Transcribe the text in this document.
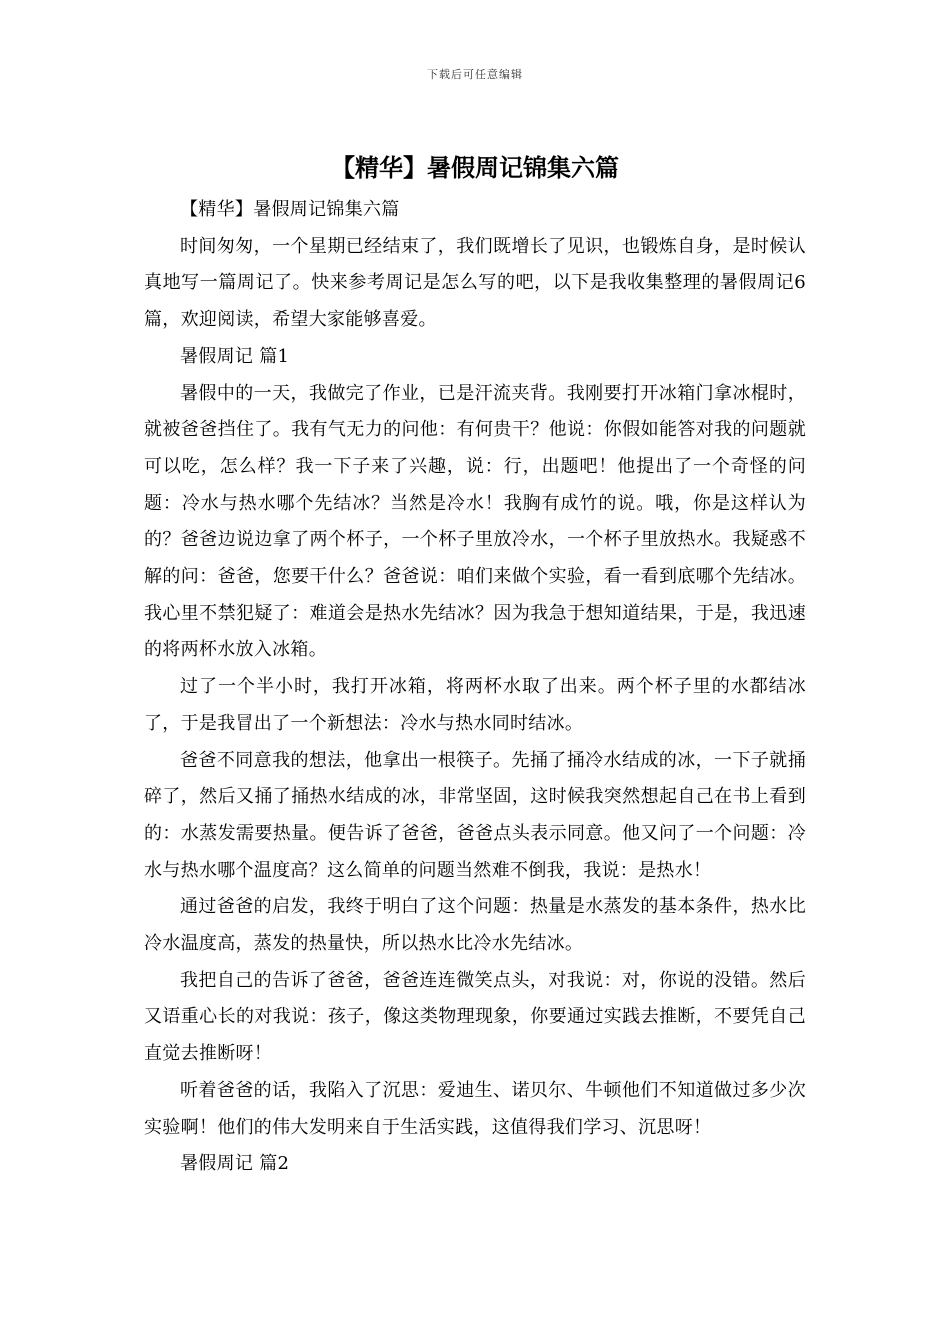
下载后可任意编辑
【精华】暑假周记锦集六篇

【精华】暑假周记锦集六篇

时间匆匆，一个星期已经结束了，我们既增长了见识，也锻炼自身，是时候认真地写一篇周记了。快来参考周记是怎么写的吧，以下是我收集整理的暑假周记6篇，欢迎阅读，希望大家能够喜爱。

暑假周记 篇1

暑假中的一天，我做完了作业，已是汗流夹背。我刚要打开冰箱门拿冰棍时，就被爸爸挡住了。我有气无力的问他：有何贵干？他说：你假如能答对我的问题就可以吃，怎么样？我一下子来了兴趣，说：行，出题吧！他提出了一个奇怪的问题：冷水与热水哪个先结冰？当然是冷水！我胸有成竹的说。哦，你是这样认为的？爸爸边说边拿了两个杯子，一个杯子里放冷水，一个杯子里放热水。我疑惑不解的问：爸爸，您要干什么？爸爸说：咱们来做个实验，看一看到底哪个先结冰。我心里不禁犯疑了：难道会是热水先结冰？因为我急于想知道结果，于是，我迅速的将两杯水放入冰箱。

过了一个半小时，我打开冰箱，将两杯水取了出来。两个杯子里的水都结冰了，于是我冒出了一个新想法：冷水与热水同时结冰。

爸爸不同意我的想法，他拿出一根筷子。先捅了捅冷水结成的冰，一下子就捅碎了，然后又捅了捅热水结成的冰，非常坚固，这时候我突然想起自己在书上看到的：水蒸发需要热量。便告诉了爸爸，爸爸点头表示同意。他又问了一个问题：冷水与热水哪个温度高？这么简单的问题当然难不倒我，我说：是热水！

通过爸爸的启发，我终于明白了这个问题：热量是水蒸发的基本条件，热水比冷水温度高，蒸发的热量快，所以热水比冷水先结冰。

我把自己的告诉了爸爸，爸爸连连微笑点头，对我说：对，你说的没错。然后又语重心长的对我说：孩子，像这类物理现象，你要通过实践去推断，不要凭自己直觉去推断呀！

听着爸爸的话，我陷入了沉思：爱迪生、诺贝尔、牛顿他们不知道做过多少次实验啊！他们的伟大发明来自于生活实践，这值得我们学习、沉思呀！

暑假周记 篇2
